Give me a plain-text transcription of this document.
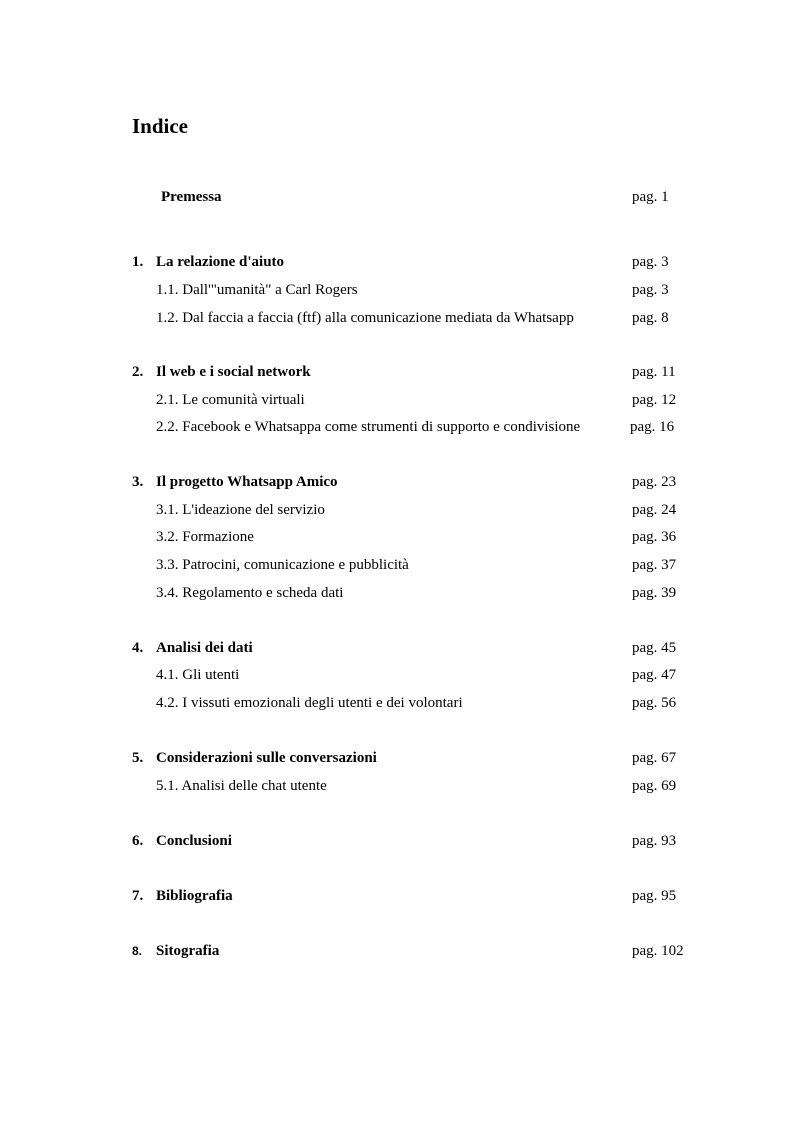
Indice
Premessa	pag. 1
1. La relazione d'aiuto	pag. 3
1.1. Dall'"umanità" a Carl Rogers	pag. 3
1.2. Dal faccia a faccia (ftf) alla comunicazione mediata da Whatsapp	pag. 8
2. Il web e i social network	pag. 11
2.1. Le comunità virtuali	pag. 12
2.2. Facebook e Whatsappa come strumenti di supporto e condivisione	pag. 16
3. Il progetto Whatsapp Amico	pag. 23
3.1. L'ideazione del servizio	pag. 24
3.2. Formazione	pag. 36
3.3. Patrocini, comunicazione e pubblicità	pag. 37
3.4. Regolamento e scheda dati	pag. 39
4. Analisi dei dati	pag. 45
4.1. Gli utenti	pag. 47
4.2. I vissuti emozionali degli utenti e dei volontari	pag. 56
5. Considerazioni sulle conversazioni	pag. 67
5.1. Analisi delle chat utente	pag. 69
6. Conclusioni	pag. 93
7. Bibliografia	pag. 95
8. Sitografia	pag. 102
